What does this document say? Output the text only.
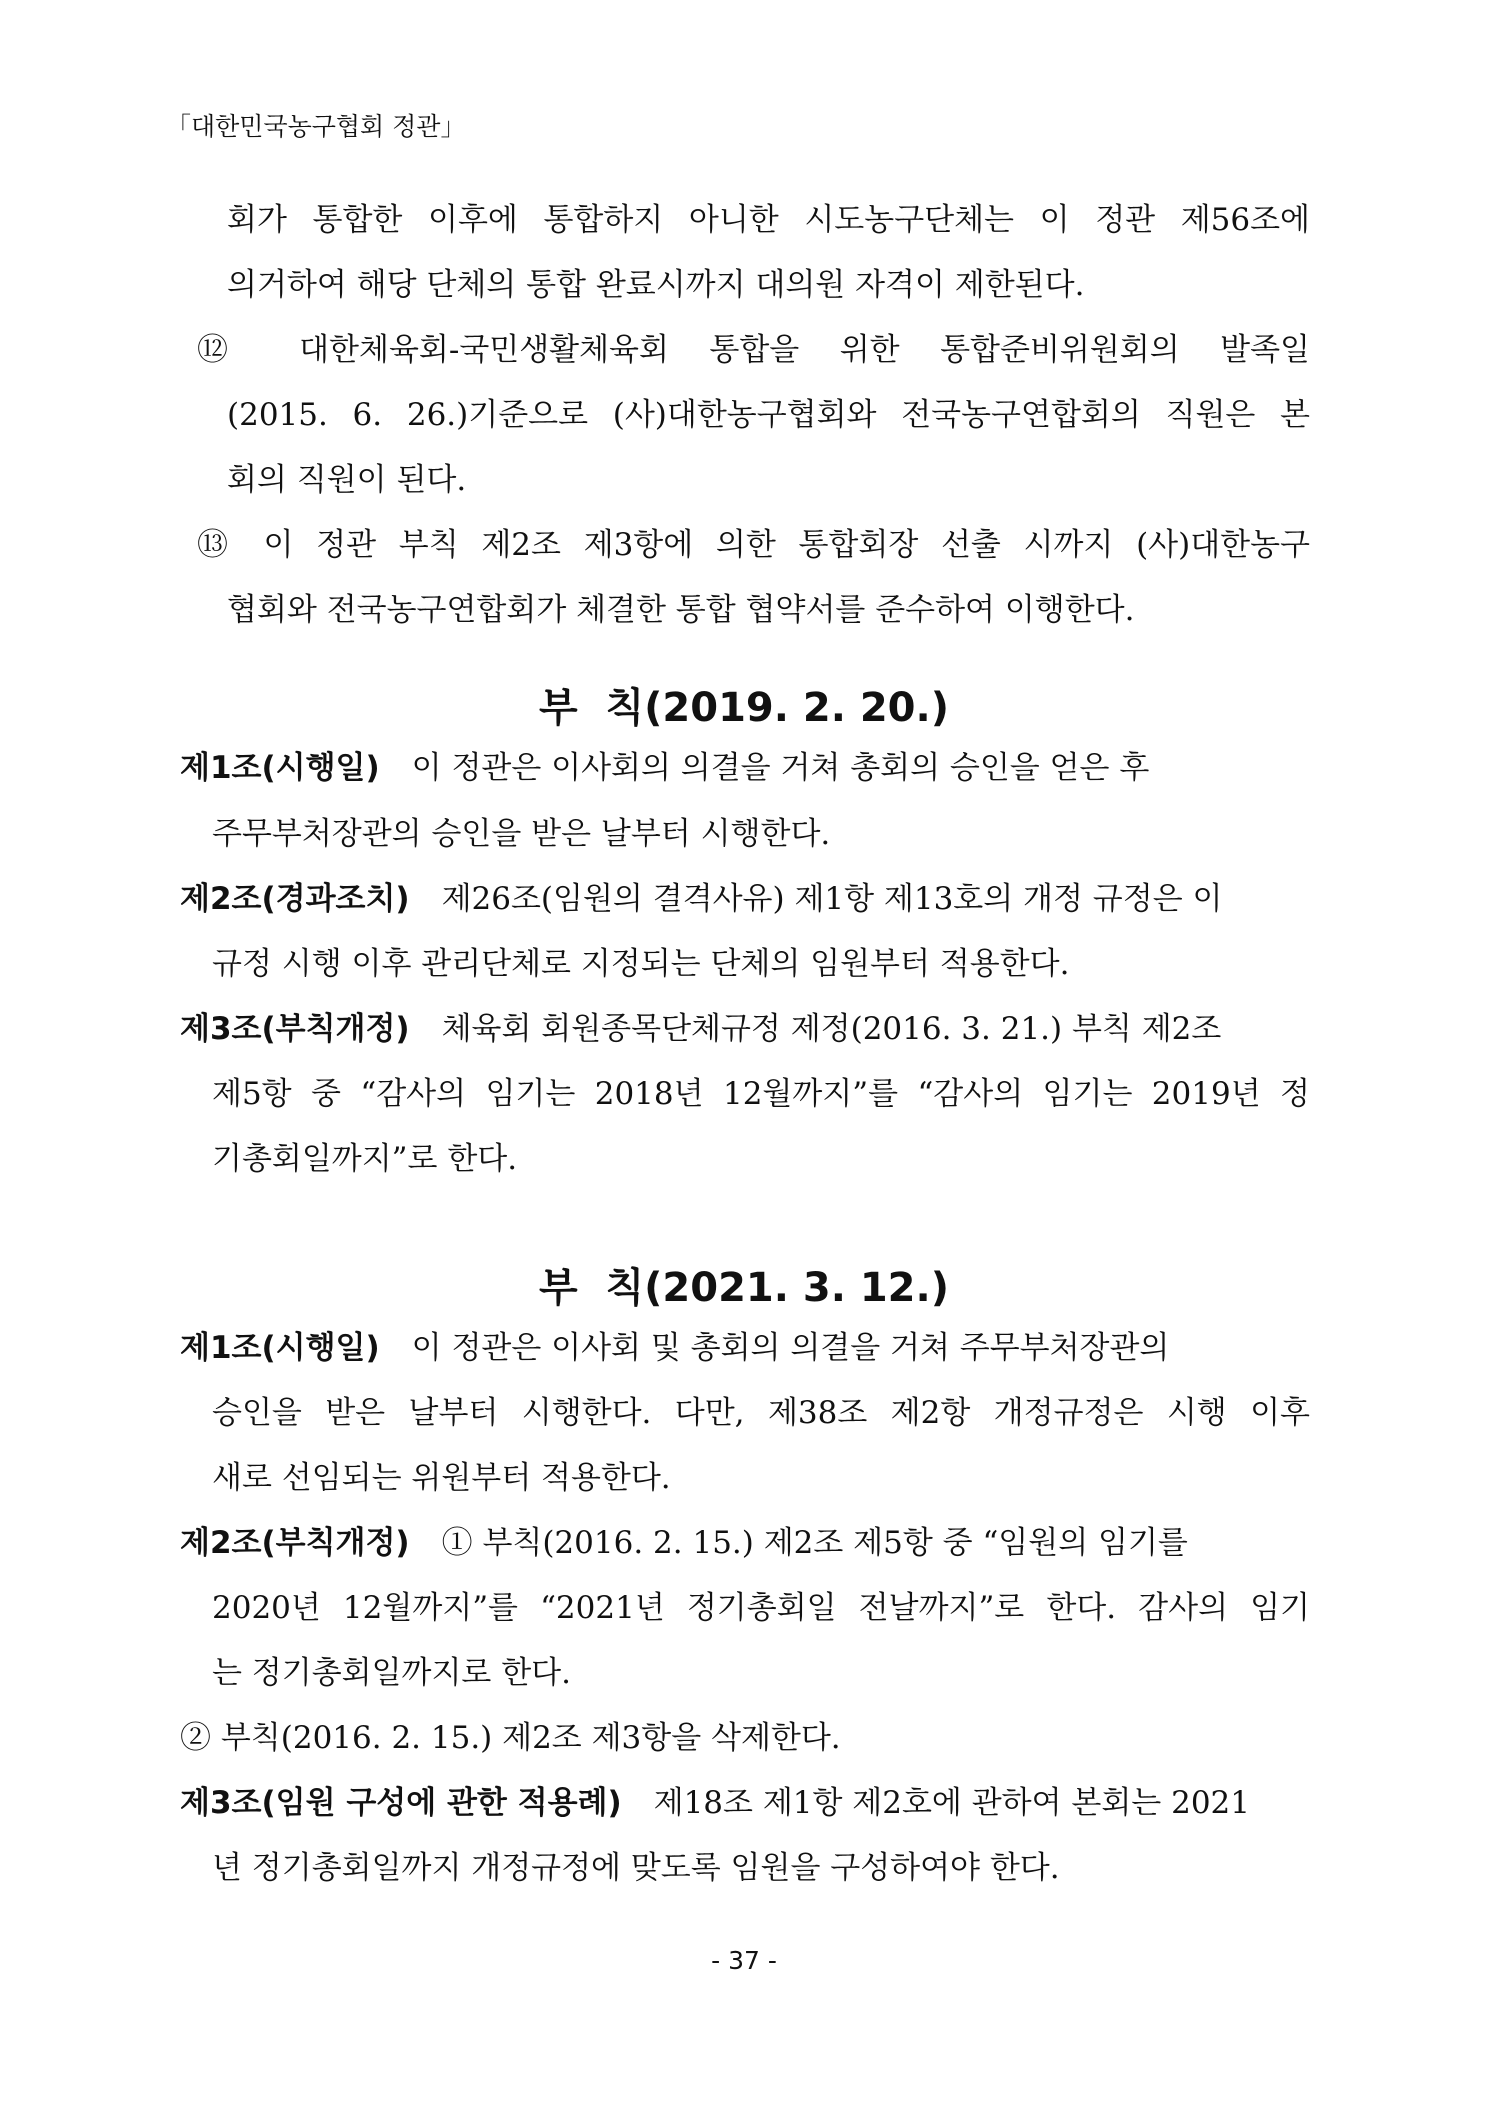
「대한민국농구협회 정관」
회가 통합한 이후에 통합하지 아니한 시도농구단체는 이 정관 제56조에
의거하여 해당 단체의 통합 완료시까지 대의원 자격이 제한된다.
⑫ 대한체육회-국민생활체육회 통합을 위한 통합준비위원회의 발족일
(2015. 6. 26.)기준으로 (사)대한농구협회와 전국농구연합회의 직원은 본
회의 직원이 된다.
⑬ 이 정관 부칙 제2조 제3항에 의한 통합회장 선출 시까지 (사)대한농구
협회와 전국농구연합회가 체결한 통합 협약서를 준수하여 이행한다.
부  칙(2019. 2. 20.)
제1조(시행일) 이 정관은 이사회의 의결을 거쳐 총회의 승인을 얻은 후
주무부처장관의 승인을 받은 날부터 시행한다.
제2조(경과조치) 제26조(임원의 결격사유) 제1항 제13호의 개정 규정은 이
규정 시행 이후 관리단체로 지정되는 단체의 임원부터 적용한다.
제3조(부칙개정) 체육회 회원종목단체규정 제정(2016. 3. 21.) 부칙 제2조
제5항 중 “감사의 임기는 2018년 12월까지”를 “감사의 임기는 2019년 정
기총회일까지”로 한다.
부  칙(2021. 3. 12.)
제1조(시행일) 이 정관은 이사회 및 총회의 의결을 거쳐 주무부처장관의
승인을 받은 날부터 시행한다. 다만, 제38조 제2항 개정규정은 시행 이후
새로 선임되는 위원부터 적용한다.
제2조(부칙개정) ① 부칙(2016. 2. 15.) 제2조 제5항 중 “임원의 임기를
2020년 12월까지”를 “2021년 정기총회일 전날까지”로 한다. 감사의 임기
는 정기총회일까지로 한다.
② 부칙(2016. 2. 15.) 제2조 제3항을 삭제한다.
제3조(임원 구성에 관한 적용례) 제18조 제1항 제2호에 관하여 본회는 2021
년 정기총회일까지 개정규정에 맞도록 임원을 구성하여야 한다.
- 37 -
